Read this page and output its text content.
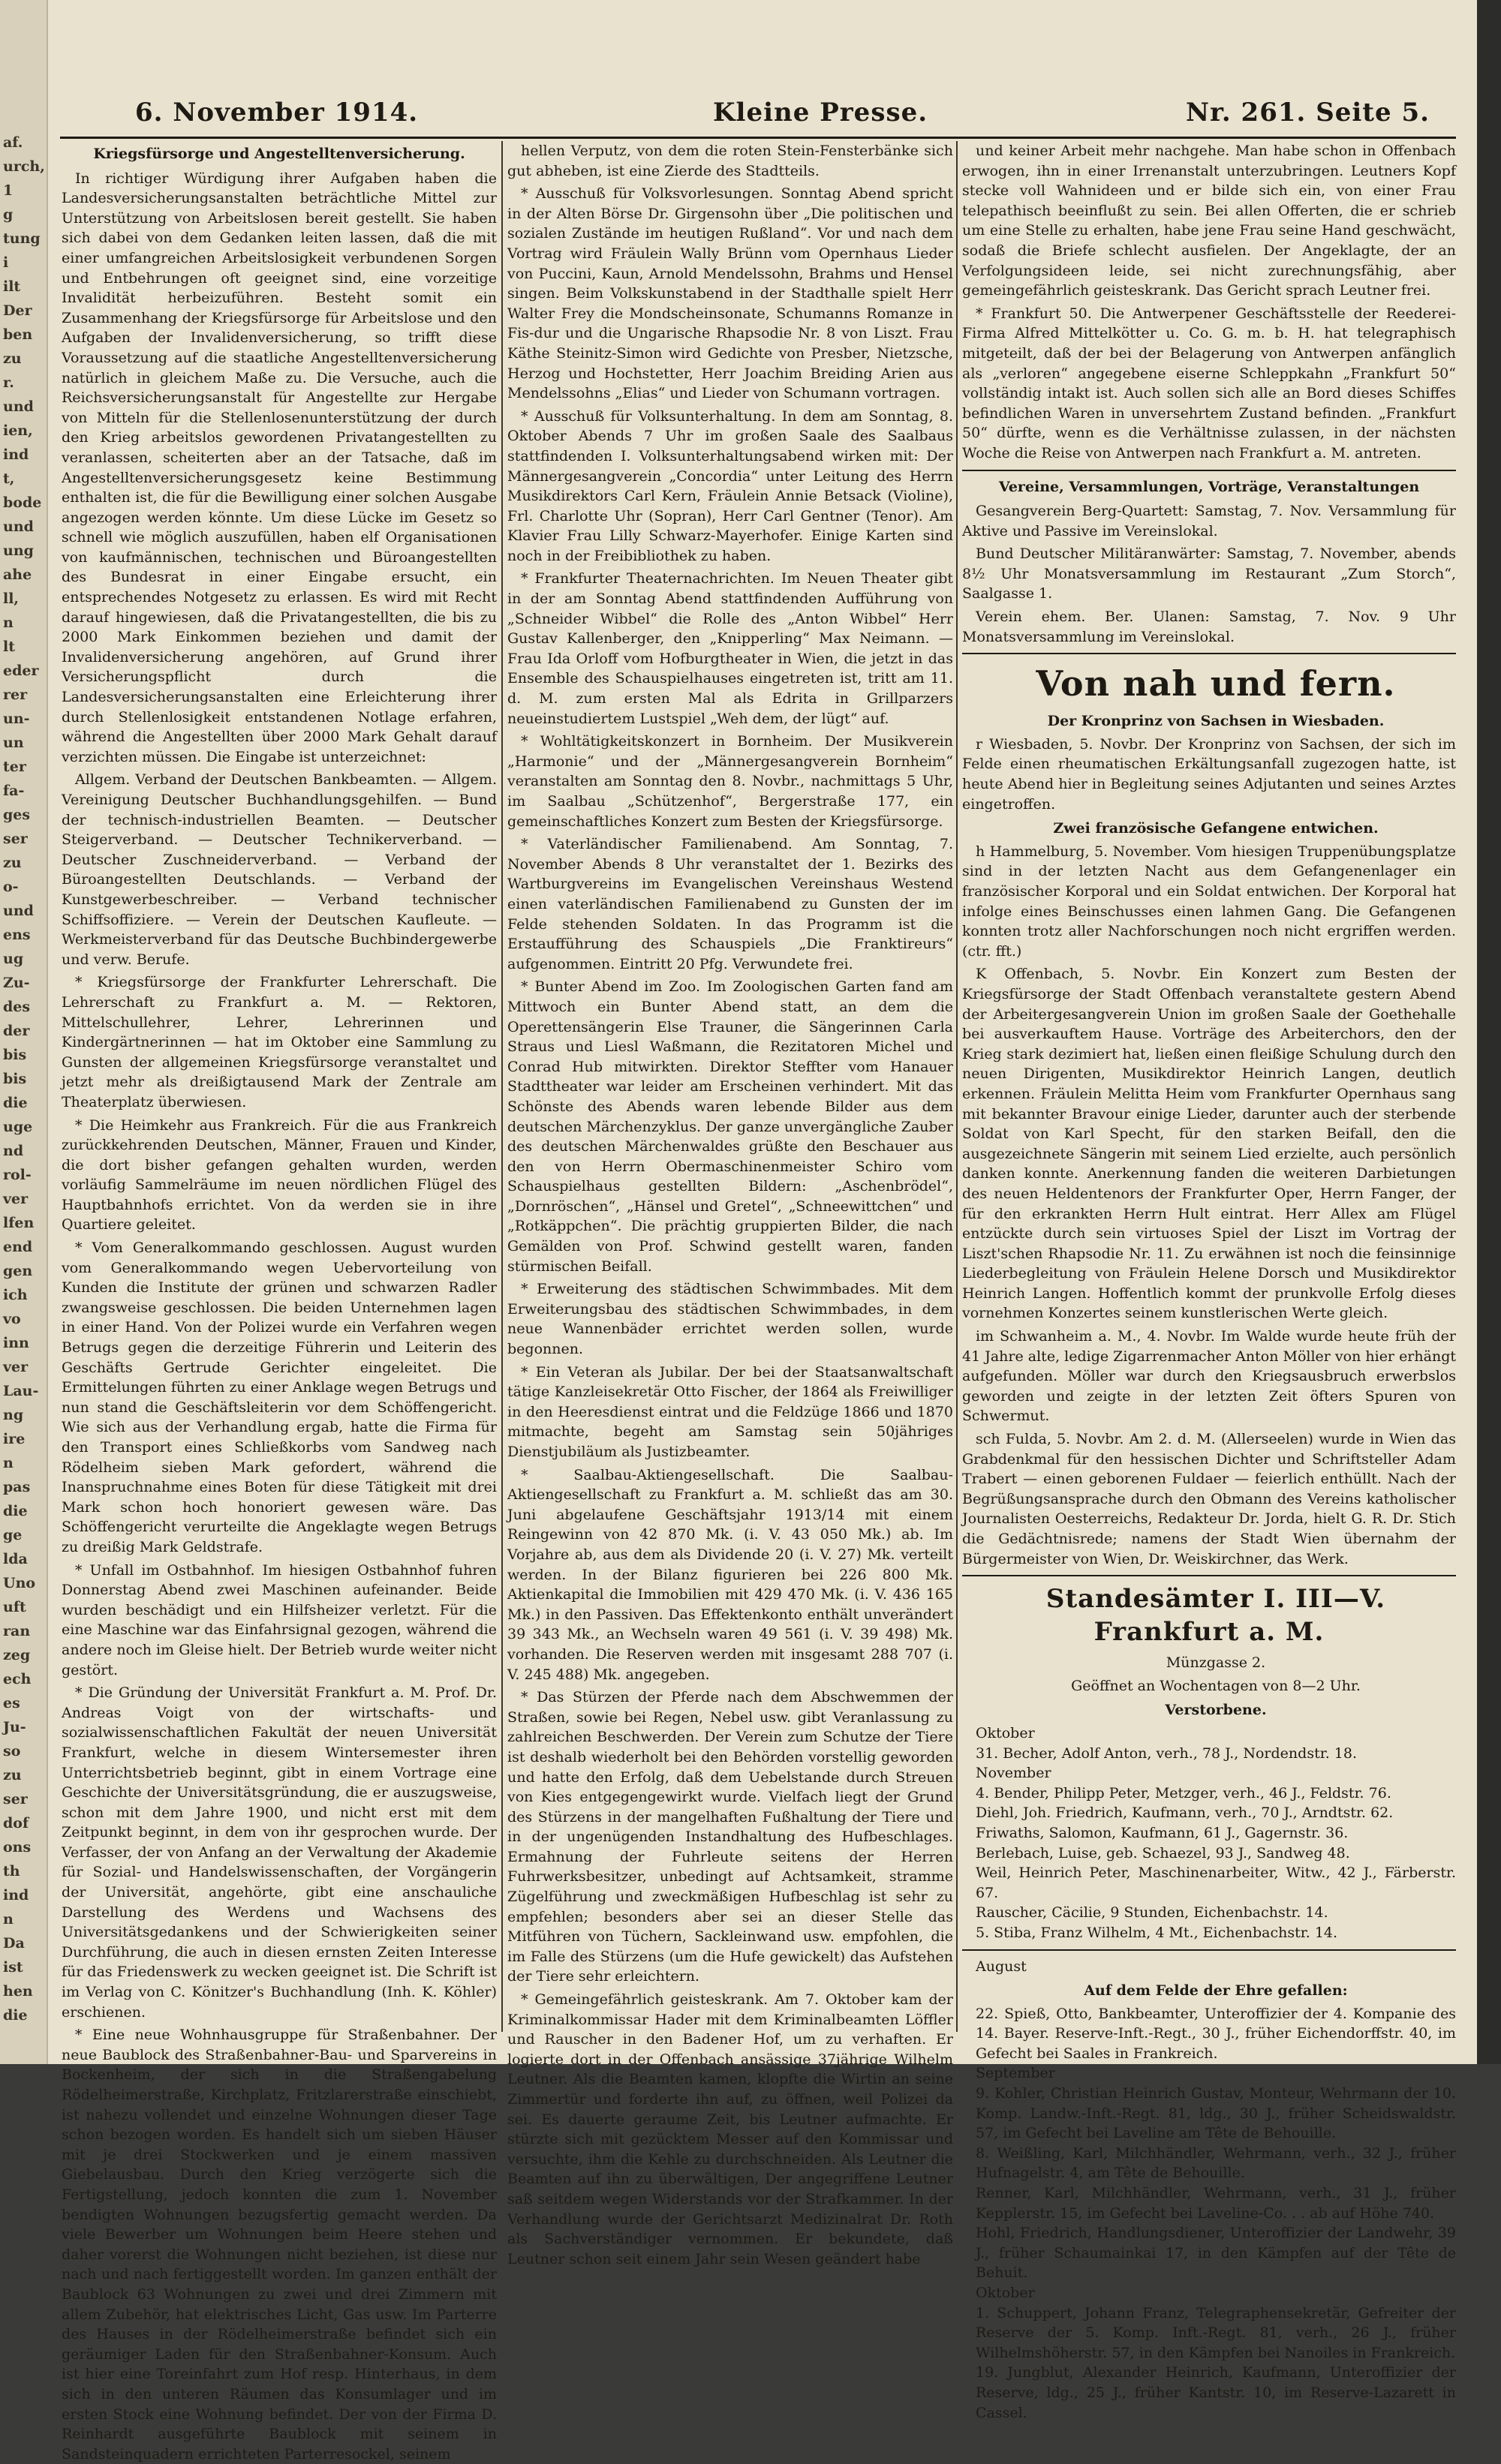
af.
urch,
1
g
tung
i
ilt
Der
ben
zu
r.
und
ien,
ind
t,
bode
und
ung
ahe
ll,
n
lt
eder
rer
un-
un
ter
fa-
ges
ser
zu
o-
und
ens
ug
Zu-
des
der
bis
bis
die
uge
nd
rol-
ver
lfen
end
gen
ich
vo
inn
ver
Lau-
ng
ire
n
pas
die
ge
lda
Uno
uft
ran
zeg
ech
es
Ju-
so
zu
ser
dof
ons
th
ind
n
Da
ist
hen
die
6. November 1914.	Kleine Presse.	Nr. 261. Seite 5.

Kriegsfürsorge und Angestelltenversicherung.

In richtiger Würdigung ihrer Aufgaben haben die Landesversicherungsanstalten beträchtliche Mittel zur Unterstützung von Arbeitslosen bereit gestellt. Sie haben sich dabei von dem Gedanken leiten lassen, daß die mit einer umfangreichen Arbeitslosigkeit verbundenen Sorgen und Entbehrungen oft geeignet sind, eine vorzeitige Invalidität herbeizuführen. Besteht somit ein Zusammenhang der Kriegsfürsorge für Arbeitslose und den Aufgaben der Invalidenversicherung, so trifft diese Voraussetzung auf die staatliche Angestelltenversicherung natürlich in gleichem Maße zu. Die Versuche, auch die Reichsversicherungsanstalt für Angestellte zur Hergabe von Mitteln für die Stellenlosenunterstützung der durch den Krieg arbeitslos gewordenen Privatangestellten zu veranlassen, scheiterten aber an der Tatsache, daß im Angestelltenversicherungsgesetz keine Bestimmung enthalten ist, die für die Bewilligung einer solchen Ausgabe angezogen werden könnte. Um diese Lücke im Gesetz so schnell wie möglich auszufüllen, haben elf Organisationen von kaufmännischen, technischen und Büroangestellten des Bundesrat in einer Eingabe ersucht, ein entsprechendes Notgesetz zu erlassen. Es wird mit Recht darauf hingewiesen, daß die Privatangestellten, die bis zu 2000 Mark Einkommen beziehen und damit der Invalidenversicherung angehören, auf Grund ihrer Versicherungspflicht durch die Landesversicherungsanstalten eine Erleichterung ihrer durch Stellenlosigkeit entstandenen Notlage erfahren, während die Angestellten über 2000 Mark Gehalt darauf verzichten müssen. Die Eingabe ist unterzeichnet:

Allgem. Verband der Deutschen Bankbeamten. — Allgem. Vereinigung Deutscher Buchhandlungsgehilfen. — Bund der technisch-industriellen Beamten. — Deutscher Steigerverband. — Deutscher Technikerverband. — Deutscher Zuschneiderverband. — Verband der Büroangestellten Deutschlands. — Verband der Kunstgewerbeschreiber. — Verband technischer Schiffsoffiziere. — Verein der Deutschen Kaufleute. — Werkmeisterverband für das Deutsche Buchbindergewerbe und verw. Berufe.

* Kriegsfürsorge der Frankfurter Lehrerschaft. Die Lehrerschaft zu Frankfurt a. M. — Rektoren, Mittelschullehrer, Lehrer, Lehrerinnen und Kindergärtnerinnen — hat im Oktober eine Sammlung zu Gunsten der allgemeinen Kriegsfürsorge veranstaltet und jetzt mehr als dreißigtausend Mark der Zentrale am Theaterplatz überwiesen.

* Die Heimkehr aus Frankreich. Für die aus Frankreich zurückkehrenden Deutschen, Männer, Frauen und Kinder, die dort bisher gefangen gehalten wurden, werden vorläufig Sammelräume im neuen nördlichen Flügel des Hauptbahnhofs errichtet. Von da werden sie in ihre Quartiere geleitet.

* Vom Generalkommando geschlossen. August wurden vom Generalkommando wegen Uebervorteilung von Kunden die Institute der grünen und schwarzen Radler zwangsweise geschlossen. Die beiden Unternehmen lagen in einer Hand. Von der Polizei wurde ein Verfahren wegen Betrugs gegen die derzeitige Führerin und Leiterin des Geschäfts Gertrude Gerichter eingeleitet. Die Ermittelungen führten zu einer Anklage wegen Betrugs und nun stand die Geschäftsleiterin vor dem Schöffengericht. Wie sich aus der Verhandlung ergab, hatte die Firma für den Transport eines Schließkorbs vom Sandweg nach Rödelheim sieben Mark gefordert, während die Inanspruchnahme eines Boten für diese Tätigkeit mit drei Mark schon hoch honoriert gewesen wäre. Das Schöffengericht verurteilte die Angeklagte wegen Betrugs zu dreißig Mark Geldstrafe.

* Unfall im Ostbahnhof. Im hiesigen Ostbahnhof fuhren Donnerstag Abend zwei Maschinen aufeinander. Beide wurden beschädigt und ein Hilfsheizer verletzt. Für die eine Maschine war das Einfahrsignal gezogen, während die andere noch im Gleise hielt. Der Betrieb wurde weiter nicht gestört.

* Die Gründung der Universität Frankfurt a. M. Prof. Dr. Andreas Voigt von der wirtschafts- und sozialwissenschaftlichen Fakultät der neuen Universität Frankfurt, welche in diesem Wintersemester ihren Unterrichtsbetrieb beginnt, gibt in einem Vortrage eine Geschichte der Universitätsgründung, die er auszugsweise, schon mit dem Jahre 1900, und nicht erst mit dem Zeitpunkt beginnt, in dem von ihr gesprochen wurde. Der Verfasser, der von Anfang an der Verwaltung der Akademie für Sozial- und Handelswissenschaften, der Vorgängerin der Universität, angehörte, gibt eine anschauliche Darstellung des Werdens und Wachsens des Universitätsgedankens und der Schwierigkeiten seiner Durchführung, die auch in diesen ernsten Zeiten Interesse für das Friedenswerk zu wecken geeignet ist. Die Schrift ist im Verlag von C. Könitzer's Buchhandlung (Inh. K. Köhler) erschienen.

* Eine neue Wohnhausgruppe für Straßenbahner. Der neue Baublock des Straßenbahner-Bau- und Sparvereins in Bockenheim, der sich in die Straßengabelung Rödelheimerstraße, Kirchplatz, Fritzlarerstraße einschiebt, ist nahezu vollendet und einzelne Wohnungen dieser Tage schon bezogen worden. Es handelt sich um sieben Häuser mit je drei Stockwerken und je einem massiven Giebelausbau. Durch den Krieg verzögerte sich die Fertigstellung, jedoch konnten die zum 1. November bendigten Wohnungen bezugsfertig gemacht werden. Da viele Bewerber um Wohnungen beim Heere stehen und daher vorerst die Wohnungen nicht beziehen, ist diese nur nach und nach fertiggestellt worden. Im ganzen enthält der Baublock 63 Wohnungen zu zwei und drei Zimmern mit allem Zubehör, hat elektrisches Licht, Gas usw. Im Parterre des Hauses in der Rödelheimerstraße befindet sich ein geräumiger Laden für den Straßenbahner-Konsum. Auch ist hier eine Toreinfahrt zum Hof resp. Hinterhaus, in dem sich in den unteren Räumen das Konsumlager und im ersten Stock eine Wohnung befindet. Der von der Firma D. Reinhardt ausgeführte Baublock mit seinem in Sandsteinquadern errichteten Parterresockel, seinem

hellen Verputz, von dem die roten Stein-Fensterbänke sich gut abheben, ist eine Zierde des Stadtteils.

* Ausschuß für Volksvorlesungen. Sonntag Abend spricht in der Alten Börse Dr. Girgensohn über „Die politischen und sozialen Zustände im heutigen Rußland“. Vor und nach dem Vortrag wird Fräulein Wally Brünn vom Opernhaus Lieder von Puccini, Kaun, Arnold Mendelssohn, Brahms und Hensel singen. Beim Volkskunstabend in der Stadthalle spielt Herr Walter Frey die Mondscheinsonate, Schumanns Romanze in Fis-dur und die Ungarische Rhapsodie Nr. 8 von Liszt. Frau Käthe Steinitz-Simon wird Gedichte von Presber, Nietzsche, Herzog und Hochstetter, Herr Joachim Breiding Arien aus Mendelssohns „Elias“ und Lieder von Schumann vortragen.

* Ausschuß für Volksunterhaltung. In dem am Sonntag, 8. Oktober Abends 7 Uhr im großen Saale des Saalbaus stattfindenden I. Volksunterhaltungsabend wirken mit: Der Männergesangverein „Concordia“ unter Leitung des Herrn Musikdirektors Carl Kern, Fräulein Annie Betsack (Violine), Frl. Charlotte Uhr (Sopran), Herr Carl Gentner (Tenor). Am Klavier Frau Lilly Schwarz-Mayerhofer. Einige Karten sind noch in der Freibibliothek zu haben.

* Frankfurter Theaternachrichten. Im Neuen Theater gibt in der am Sonntag Abend stattfindenden Aufführung von „Schneider Wibbel“ die Rolle des „Anton Wibbel“ Herr Gustav Kallenberger, den „Knipperling“ Max Neimann. — Frau Ida Orloff vom Hofburgtheater in Wien, die jetzt in das Ensemble des Schauspielhauses eingetreten ist, tritt am 11. d. M. zum ersten Mal als Edrita in Grillparzers neueinstudiertem Lustspiel „Weh dem, der lügt“ auf.

* Wohltätigkeitskonzert in Bornheim. Der Musikverein „Harmonie“ und der „Männergesangverein Bornheim“ veranstalten am Sonntag den 8. Novbr., nachmittags 5 Uhr, im Saalbau „Schützenhof“, Bergerstraße 177, ein gemeinschaftliches Konzert zum Besten der Kriegsfürsorge.

* Vaterländischer Familienabend. Am Sonntag, 7. November Abends 8 Uhr veranstaltet der 1. Bezirks des Wartburgvereins im Evangelischen Vereinshaus Westend einen vaterländischen Familienabend zu Gunsten der im Felde stehenden Soldaten. In das Programm ist die Erstaufführung des Schauspiels „Die Franktireurs“ aufgenommen. Eintritt 20 Pfg. Verwundete frei.

* Bunter Abend im Zoo. Im Zoologischen Garten fand am Mittwoch ein Bunter Abend statt, an dem die Operettensängerin Else Trauner, die Sängerinnen Carla Straus und Liesl Waßmann, die Rezitatoren Michel und Conrad Hub mitwirkten. Direktor Steffter vom Hanauer Stadttheater war leider am Erscheinen verhindert. Mit das Schönste des Abends waren lebende Bilder aus dem deutschen Märchenzyklus. Der ganze unvergängliche Zauber des deutschen Märchenwaldes grüßte den Beschauer aus den von Herrn Obermaschinenmeister Schiro vom Schauspielhaus gestellten Bildern: „Aschenbrödel“, „Dornröschen“, „Hänsel und Gretel“, „Schneewittchen“ und „Rotkäppchen“. Die prächtig gruppierten Bilder, die nach Gemälden von Prof. Schwind gestellt waren, fanden stürmischen Beifall.

* Erweiterung des städtischen Schwimmbades. Mit dem Erweiterungsbau des städtischen Schwimmbades, in dem neue Wannenbäder errichtet werden sollen, wurde begonnen.

* Ein Veteran als Jubilar. Der bei der Staatsanwaltschaft tätige Kanzleisekretär Otto Fischer, der 1864 als Freiwilliger in den Heeresdienst eintrat und die Feldzüge 1866 und 1870 mitmachte, begeht am Samstag sein 50jähriges Dienstjubiläum als Justizbeamter.

* Saalbau-Aktiengesellschaft. Die Saalbau-Aktiengesellschaft zu Frankfurt a. M. schließt das am 30. Juni abgelaufene Geschäftsjahr 1913/14 mit einem Reingewinn von 42 870 Mk. (i. V. 43 050 Mk.) ab. Im Vorjahre ab, aus dem als Dividende 20 (i. V. 27) Mk. verteilt werden. In der Bilanz figurieren bei 226 800 Mk. Aktienkapital die Immobilien mit 429 470 Mk. (i. V. 436 165 Mk.) in den Passiven. Das Effektenkonto enthält unverändert 39 343 Mk., an Wechseln waren 49 561 (i. V. 39 498) Mk. vorhanden. Die Reserven werden mit insgesamt 288 707 (i. V. 245 488) Mk. angegeben.

* Das Stürzen der Pferde nach dem Abschwemmen der Straßen, sowie bei Regen, Nebel usw. gibt Veranlassung zu zahlreichen Beschwerden. Der Verein zum Schutze der Tiere ist deshalb wiederholt bei den Behörden vorstellig geworden und hatte den Erfolg, daß dem Uebelstande durch Streuen von Kies entgegengewirkt wurde. Vielfach liegt der Grund des Stürzens in der mangelhaften Fußhaltung der Tiere und in der ungenügenden Instandhaltung des Hufbeschlages. Ermahnung der Fuhrleute seitens der Herren Fuhrwerksbesitzer, unbedingt auf Achtsamkeit, stramme Zügelführung und zweckmäßigen Hufbeschlag ist sehr zu empfehlen; besonders aber sei an dieser Stelle das Mitführen von Tüchern, Sackleinwand usw. empfohlen, die im Falle des Stürzens (um die Hufe gewickelt) das Aufstehen der Tiere sehr erleichtern.

* Gemeingefährlich geisteskrank. Am 7. Oktober kam der Kriminalkommissar Hader mit dem Kriminalbeamten Löffler und Rauscher in den Badener Hof, um zu verhaften. Er logierte dort in der Offenbach ansässige 37jährige Wilhelm Leutner. Als die Beamten kamen, klopfte die Wirtin an seine Zimmertür und forderte ihn auf, zu öffnen, weil Polizei da sei. Es dauerte geraume Zeit, bis Leutner aufmachte. Er stürzte sich mit gezücktem Messer auf den Kommissar und versuchte, ihm die Kehle zu durchschneiden. Als Leutner die Beamten auf ihn zu überwältigen, Der angegriffene Leutner saß seitdem wegen Widerstands vor der Strafkammer. In der Verhandlung wurde der Gerichtsarzt Medizinalrat Dr. Roth als Sachverständiger vernommen. Er bekundete, daß Leutner schon seit einem Jahr sein Wesen geändert habe

und keiner Arbeit mehr nachgehe. Man habe schon in Offenbach erwogen, ihn in einer Irrenanstalt unterzubringen. Leutners Kopf stecke voll Wahnideen und er bilde sich ein, von einer Frau telepathisch beeinflußt zu sein. Bei allen Offerten, die er schrieb um eine Stelle zu erhalten, habe jene Frau seine Hand geschwächt, sodaß die Briefe schlecht ausfielen. Der Angeklagte, der an Verfolgungsideen leide, sei nicht zurechnungsfähig, aber gemeingefährlich geisteskrank. Das Gericht sprach Leutner frei.

* Frankfurt 50. Die Antwerpener Geschäftsstelle der Reederei-Firma Alfred Mittelkötter u. Co. G. m. b. H. hat telegraphisch mitgeteilt, daß der bei der Belagerung von Antwerpen anfänglich als „verloren“ angegebene eiserne Schleppkahn „Frankfurt 50“ vollständig intakt ist. Auch sollen sich alle an Bord dieses Schiffes befindlichen Waren in unversehrtem Zustand befinden. „Frankfurt 50“ dürfte, wenn es die Verhältnisse zulassen, in der nächsten Woche die Reise von Antwerpen nach Frankfurt a. M. antreten.

Vereine, Versammlungen, Vorträge, Veranstaltungen

Gesangverein Berg-Quartett: Samstag, 7. Nov. Versammlung für Aktive und Passive im Vereinslokal.

Bund Deutscher Militäranwärter: Samstag, 7. November, abends 8½ Uhr Monatsversammlung im Restaurant „Zum Storch“, Saalgasse 1.

Verein ehem. Ber. Ulanen: Samstag, 7. Nov. 9 Uhr Monatsversammlung im Vereinslokal.

Von nah und fern.

Der Kronprinz von Sachsen in Wiesbaden.

r Wiesbaden, 5. Novbr. Der Kronprinz von Sachsen, der sich im Felde einen rheumatischen Erkältungsanfall zugezogen hatte, ist heute Abend hier in Begleitung seines Adjutanten und seines Arztes eingetroffen.

Zwei französische Gefangene entwichen.

h Hammelburg, 5. November. Vom hiesigen Truppenübungsplatze sind in der letzten Nacht aus dem Gefangenenlager ein französischer Korporal und ein Soldat entwichen. Der Korporal hat infolge eines Beinschusses einen lahmen Gang. Die Gefangenen konnten trotz aller Nachforschungen noch nicht ergriffen werden. (ctr. fft.)

K Offenbach, 5. Novbr. Ein Konzert zum Besten der Kriegsfürsorge der Stadt Offenbach veranstaltete gestern Abend der Arbeitergesangverein Union im großen Saale der Goethehalle bei ausverkauftem Hause. Vorträge des Arbeiterchors, den der Krieg stark dezimiert hat, ließen einen fleißige Schulung durch den neuen Dirigenten, Musikdirektor Heinrich Langen, deutlich erkennen. Fräulein Melitta Heim vom Frankfurter Opernhaus sang mit bekannter Bravour einige Lieder, darunter auch der sterbende Soldat von Karl Specht, für den starken Beifall, den die ausgezeichnete Sängerin mit seinem Lied erzielte, auch persönlich danken konnte. Anerkennung fanden die weiteren Darbietungen des neuen Heldentenors der Frankfurter Oper, Herrn Fanger, der für den erkrankten Herrn Hult eintrat. Herr Allex am Flügel entzückte durch sein virtuoses Spiel der Liszt im Vortrag der Liszt'schen Rhapsodie Nr. 11. Zu erwähnen ist noch die feinsinnige Liederbegleitung von Fräulein Helene Dorsch und Musikdirektor Heinrich Langen. Hoffentlich kommt der prunkvolle Erfolg dieses vornehmen Konzertes seinem kunstlerischen Werte gleich.

im Schwanheim a. M., 4. Novbr. Im Walde wurde heute früh der 41 Jahre alte, ledige Zigarrenmacher Anton Möller von hier erhängt aufgefunden. Möller war durch den Kriegsausbruch erwerbslos geworden und zeigte in der letzten Zeit öfters Spuren von Schwermut.

sch Fulda, 5. Novbr. Am 2. d. M. (Allerseelen) wurde in Wien das Grabdenkmal für den hessischen Dichter und Schriftsteller Adam Trabert — einen geborenen Fuldaer — feierlich enthüllt. Nach der Begrüßungsansprache durch den Obmann des Vereins katholischer Journalisten Oesterreichs, Redakteur Dr. Jorda, hielt G. R. Dr. Stich die Gedächtnisrede; namens der Stadt Wien übernahm der Bürgermeister von Wien, Dr. Weiskirchner, das Werk.

Standesämter I. III—V. Frankfurt a. M.

Münzgasse 2.

Geöffnet an Wochentagen von 8—2 Uhr.

Verstorbene.

Oktober

31. Becher, Adolf Anton, verh., 78 J., Nordendstr. 18.

November

4. Bender, Philipp Peter, Metzger, verh., 46 J., Feldstr. 76.

Diehl, Joh. Friedrich, Kaufmann, verh., 70 J., Arndtstr. 62.

Friwaths, Salomon, Kaufmann, 61 J., Gagernstr. 36.

Berlebach, Luise, geb. Schaezel, 93 J., Sandweg 48.

Weil, Heinrich Peter, Maschinenarbeiter, Witw., 42 J., Färberstr. 67.

Rauscher, Cäcilie, 9 Stunden, Eichenbachstr. 14.

5. Stiba, Franz Wilhelm, 4 Mt., Eichenbachstr. 14.

August

Auf dem Felde der Ehre gefallen:

22. Spieß, Otto, Bankbeamter, Unteroffizier der 4. Kompanie des 14. Bayer. Reserve-Inft.-Regt., 30 J., früher Eichendorffstr. 40, im Gefecht bei Saales in Frankreich.

September

9. Kohler, Christian Heinrich Gustav, Monteur, Wehrmann der 10. Komp. Landw.-Inft.-Regt. 81, ldg., 30 J., früher Scheidswaldstr. 57, im Gefecht bei Laveline am Tête de Behouille.

8. Weißling, Karl, Milchhändler, Wehrmann, verh., 32 J., früher Hufnagelstr. 4, am Tête de Behouille.

Renner, Karl, Milchhändler, Wehrmann, verh., 31 J., früher Kepplerstr. 15, im Gefecht bei Laveline-Co. . . ab auf Höhe 740.

Hohl, Friedrich, Handlungsdiener, Unteroffizier der Landwehr, 39 J., früher Schaumainkai 17, in den Kämpfen auf der Tête de Behuit.

Oktober

1. Schuppert, Johann Franz, Telegraphensekretär, Gefreiter der Reserve der 5. Komp. Inft.-Regt. 81, verh., 26 J., früher Wilhelmshöherstr. 57, in den Kämpfen bei Nanoiles in Frankreich.

19. Jungblut, Alexander Heinrich, Kaufmann, Unteroffizier der Reserve, ldg., 25 J., früher Kantstr. 10, im Reserve-Lazarett in Cassel.
